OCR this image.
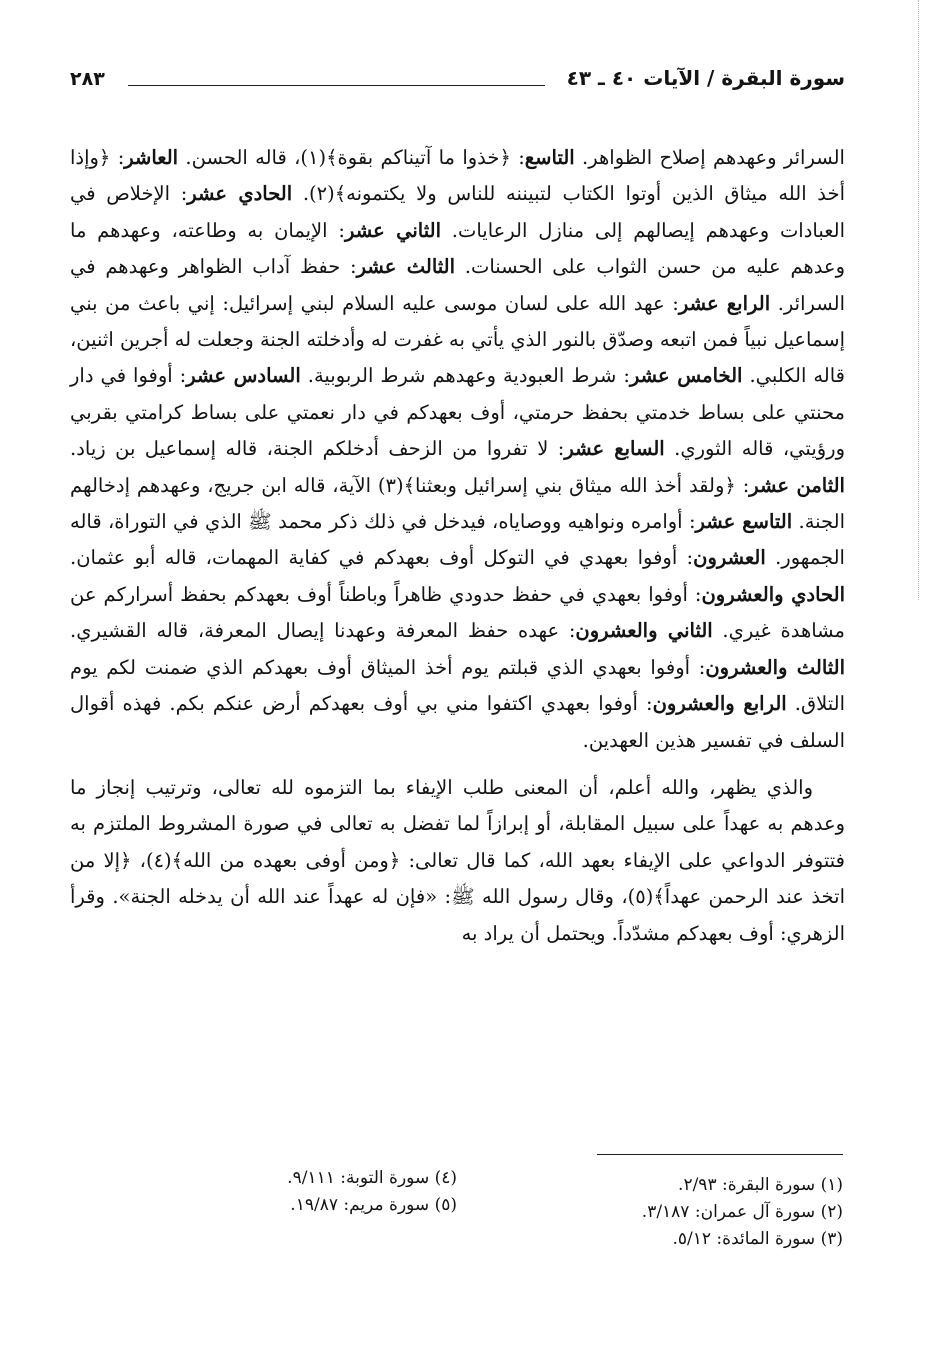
سورة البقرة / الآيات ٤٠ ـ ٤٣
٢٨٣

السرائر وعهدهم إصلاح الظواهر. التاسع: ﴿خذوا ما آتيناكم بقوة﴾(١)، قاله الحسن. العاشر: ﴿وإذا أخذ الله ميثاق الذين أوتوا الكتاب لتبيننه للناس ولا يكتمونه﴾(٢). الحادي عشر: الإخلاص في العبادات وعهدهم إيصالهم إلى منازل الرعايات. الثاني عشر: الإيمان به وطاعته، وعهدهم ما وعدهم عليه من حسن الثواب على الحسنات. الثالث عشر: حفظ آداب الظواهر وعهدهم في السرائر. الرابع عشر: عهد الله على لسان موسى عليه السلام لبني إسرائيل: إني باعث من بني إسماعيل نبياً فمن اتبعه وصدّق بالنور الذي يأتي به غفرت له وأدخلته الجنة وجعلت له أجرين اثنين، قاله الكلبي. الخامس عشر: شرط العبودية وعهدهم شرط الربوبية. السادس عشر: أوفوا في دار محنتي على بساط خدمتي بحفظ حرمتي، أوف بعهدكم في دار نعمتي على بساط كرامتي بقربي ورؤيتي، قاله الثوري. السابع عشر: لا تفروا من الزحف أدخلكم الجنة، قاله إسماعيل بن زياد. الثامن عشر: ﴿ولقد أخذ الله ميثاق بني إسرائيل وبعثنا﴾(٣) الآية، قاله ابن جريج، وعهدهم إدخالهم الجنة. التاسع عشر: أوامره ونواهيه ووصاياه، فيدخل في ذلك ذكر محمد ﷺ الذي في التوراة، قاله الجمهور. العشرون: أوفوا بعهدي في التوكل أوف بعهدكم في كفاية المهمات، قاله أبو عثمان. الحادي والعشرون: أوفوا بعهدي في حفظ حدودي ظاهراً وباطناً أوف بعهدكم بحفظ أسراركم عن مشاهدة غيري. الثاني والعشرون: عهده حفظ المعرفة وعهدنا إيصال المعرفة، قاله القشيري. الثالث والعشرون: أوفوا بعهدي الذي قبلتم يوم أخذ الميثاق أوف بعهدكم الذي ضمنت لكم يوم التلاق. الرابع والعشرون: أوفوا بعهدي اكتفوا مني بي أوف بعهدكم أرض عنكم بكم. فهذه أقوال السلف في تفسير هذين العهدين.

والذي يظهر، والله أعلم، أن المعنى طلب الإيفاء بما التزموه لله تعالى، وترتيب إنجاز ما وعدهم به عهداً على سبيل المقابلة، أو إبرازاً لما تفضل به تعالى في صورة المشروط الملتزم به فتتوفر الدواعي على الإيفاء بعهد الله، كما قال تعالى: ﴿ومن أوفى بعهده من الله﴾(٤)، ﴿إلا من اتخذ عند الرحمن عهداً﴾(٥)، وقال رسول الله ﷺ: «فإن له عهداً عند الله أن يدخله الجنة». وقرأ الزهري: أوف بعهدكم مشدّداً. ويحتمل أن يراد به

(١) سورة البقرة: ٢/٩٣.
(٢) سورة آل عمران: ٣/١٨٧.
(٣) سورة المائدة: ٥/١٢.
(٤) سورة التوبة: ٩/١١١.
(٥) سورة مريم: ١٩/٨٧.
